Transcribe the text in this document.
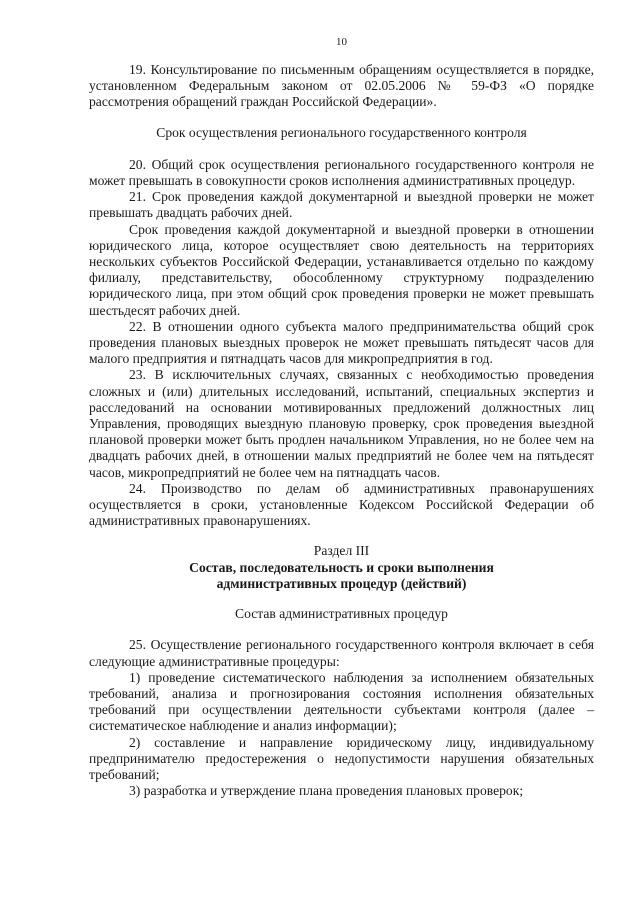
10

19. Консультирование по письменным обращениям осуществляется в порядке, установленном Федеральным законом от 02.05.2006 № 59-ФЗ «О порядке рассмотрения обращений граждан Российской Федерации».

Срок осуществления регионального государственного контроля

20. Общий срок осуществления регионального государственного контроля не может превышать в совокупности сроков исполнения административных процедур.

21. Срок проведения каждой документарной и выездной проверки не может превышать двадцать рабочих дней.

Срок проведения каждой документарной и выездной проверки в отношении юридического лица, которое осуществляет свою деятельность на территориях нескольких субъектов Российской Федерации, устанавливается отдельно по каждому филиалу, представительству, обособленному структурному подразделению юридического лица, при этом общий срок проведения проверки не может превышать шестьдесят рабочих дней.

22. В отношении одного субъекта малого предпринимательства общий срок проведения плановых выездных проверок не может превышать пятьдесят часов для малого предприятия и пятнадцать часов для микропредприятия в год.

23. В исключительных случаях, связанных с необходимостью проведения сложных и (или) длительных исследований, испытаний, специальных экспертиз и расследований на основании мотивированных предложений должностных лиц Управления, проводящих выездную плановую проверку, срок проведения выездной плановой проверки может быть продлен начальником Управления, но не более чем на двадцать рабочих дней, в отношении малых предприятий не более чем на пятьдесят часов, микропредприятий не более чем на пятнадцать часов.

24. Производство по делам об административных правонарушениях осуществляется в сроки, установленные Кодексом Российской Федерации об административных правонарушениях.

Раздел III

Состав, последовательность и сроки выполнения

административных процедур (действий)

Состав административных процедур

25. Осуществление регионального государственного контроля включает в себя следующие административные процедуры:

1) проведение систематического наблюдения за исполнением обязательных требований, анализа и прогнозирования состояния исполнения обязательных требований при осуществлении деятельности субъектами контроля (далее – систематическое наблюдение и анализ информации);

2) составление и направление юридическому лицу, индивидуальному предпринимателю предостережения о недопустимости нарушения обязательных требований;

3) разработка и утверждение плана проведения плановых проверок;
